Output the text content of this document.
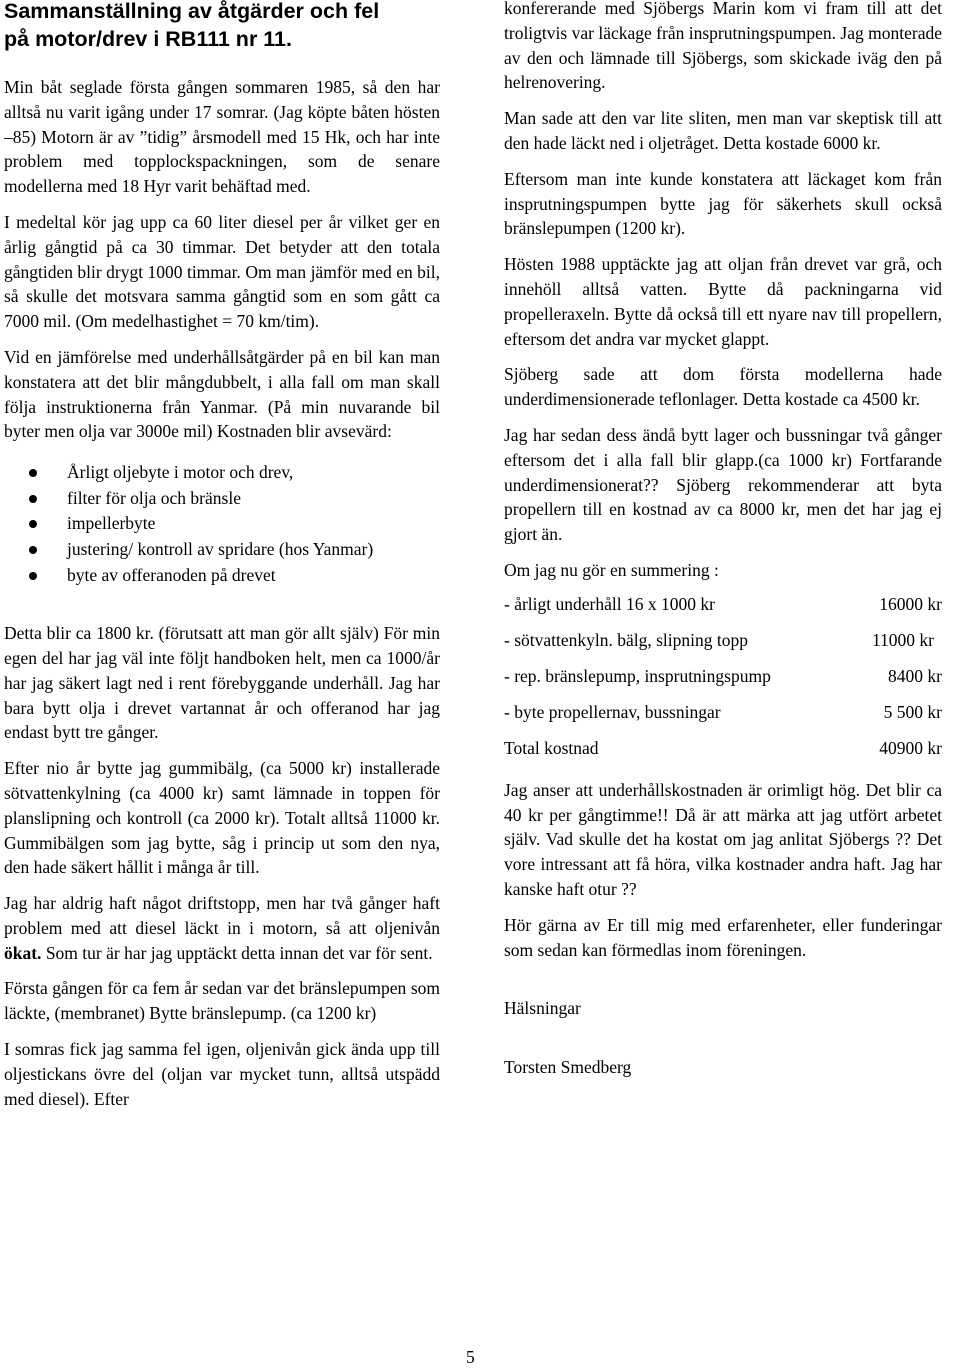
Sammanställning av åtgärder och fel
på motor/drev i RB111 nr 11.

Min båt seglade första gången sommaren 1985, så den har alltså nu varit igång under 17 somrar. (Jag köpte båten hösten –85) Motorn är av ”tidig” årsmodell med 15 Hk, och har inte problem med topplockspackningen, som de senare modellerna med 18 Hyr varit behäftad med.

I medeltal kör jag upp ca 60 liter diesel per år vilket ger en årlig gångtid på ca 30 timmar. Det betyder att den totala gångtiden blir drygt 1000 timmar. Om man jämför med en bil, så skulle det motsvara samma gångtid som en som gått ca 7000 mil. (Om medelhastighet = 70 km/tim).

Vid en jämförelse med underhållsåtgärder på en bil kan man konstatera att det blir mångdubbelt, i alla fall om man skall följa instruktionerna från Yanmar. (På min nuvarande bil byter men olja var 3000e mil) Kostnaden blir avsevärd:

Årligt oljebyte i motor och drev,
filter för olja och bränsle
impellerbyte
justering/ kontroll av spridare (hos Yanmar)
byte av offeranoden på drevet

Detta blir ca 1800 kr. (förutsatt att man gör allt själv) För min egen del har jag väl inte följt handboken helt, men ca 1000/år har jag säkert lagt ned i rent förebyggande underhåll. Jag har bara bytt olja i drevet vartannat år och offeranod har jag endast bytt tre gånger.

Efter nio år bytte jag gummibälg, (ca 5000 kr) installerade sötvattenkylning (ca 4000 kr) samt lämnade in toppen för planslipning och kontroll (ca 2000 kr). Totalt alltså 11000 kr. Gummibälgen som jag bytte, såg i princip ut som den nya, den hade säkert hållit i många år till.

Jag har aldrig haft något driftstopp, men har två gånger haft problem med att diesel läckt in i motorn, så att oljenivån ökat. Som tur är har jag upptäckt detta innan det var för sent.

Första gången för ca fem år sedan var det bränslepumpen som läckte, (membranet) Bytte bränslepump. (ca 1200 kr)

I somras fick jag samma fel igen, oljenivån gick ända upp till oljestickans övre del (oljan var mycket tunn, alltså utspädd med diesel). Efter

konfererande med Sjöbergs Marin kom vi fram till att det troligtvis var läckage från insprutningspumpen. Jag monterade av den och lämnade till Sjöbergs, som skickade iväg den på helrenovering.

Man sade att den var lite sliten, men man var skeptisk till att den hade läckt ned i oljetråget. Detta kostade 6000 kr.

Eftersom man inte kunde konstatera att läckaget kom från insprutningspumpen bytte jag för säkerhets skull också bränslepumpen (1200 kr).

Hösten 1988 upptäckte jag att oljan från drevet var grå, och innehöll alltså vatten. Bytte då packningarna vid propelleraxeln. Bytte då också till ett nyare nav till propellern, eftersom det andra var mycket glappt.

Sjöberg sade att dom första modellerna hade underdimensionerade teflonlager. Detta kostade ca 4500 kr.

Jag har sedan dess ändå bytt lager och bussningar två gånger eftersom det i alla fall blir glapp.(ca 1000 kr) Fortfarande underdimensionerat?? Sjöberg rekommenderar att byta propellern till en kostnad av ca 8000 kr, men det har jag ej gjort än.

Om jag nu gör en summering :

- årligt underhåll 16 x 1000 kr	16000 kr
- sötvattenkyln. bälg, slipning topp	11000 kr
- rep. bränslepump, insprutningspump	8400 kr
- byte propellernav, bussningar	5 500 kr
Total kostnad	40900 kr

Jag anser att underhållskostnaden är orimligt hög. Det blir ca 40 kr per gångtimme!! Då är att märka att jag utfört arbetet själv. Vad skulle det ha kostat om jag anlitat Sjöbergs ?? Det vore intressant att få höra, vilka kostnader andra haft. Jag har kanske haft otur ??

Hör gärna av Er till mig med erfarenheter, eller funderingar som sedan kan förmedlas inom föreningen.

Hälsningar

Torsten Smedberg

5
